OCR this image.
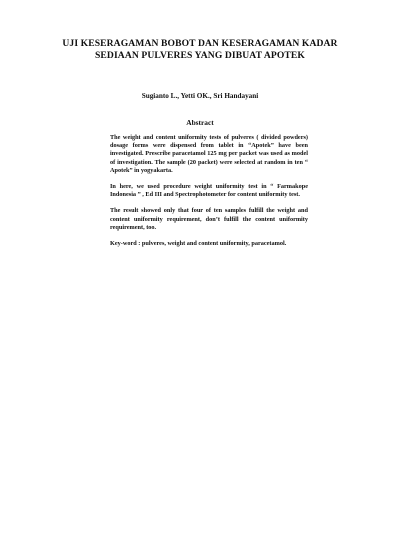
UJI KESERAGAMAN BOBOT DAN KESERAGAMAN KADAR
SEDIAAN PULVERES YANG DIBUAT APOTEK
Sugianto L., Yetti OK., Sri Handayani
Abstract

The weight and content uniformity tests of pulveres ( divided powders) dosage forms were dispensed from tablet in “Apotek” have been investigated. Prescribe paracetamol 125 mg per packet was used as model of investigation. The sample (20 packet) were selected at random in ten “ Apotek” in yogyakarta.

In here, we used procedure weight uniformity test in “ Farmakope Indonesia ” , Ed III and Spectrophotometer for content uniformity test.

The result showed only that four of ten samples fulfill the weight and content uniformity requirement, don’t fulfill the content uniformity requirement, too.

Key-word : pulveres, weight and content uniformity, paracetamol.
